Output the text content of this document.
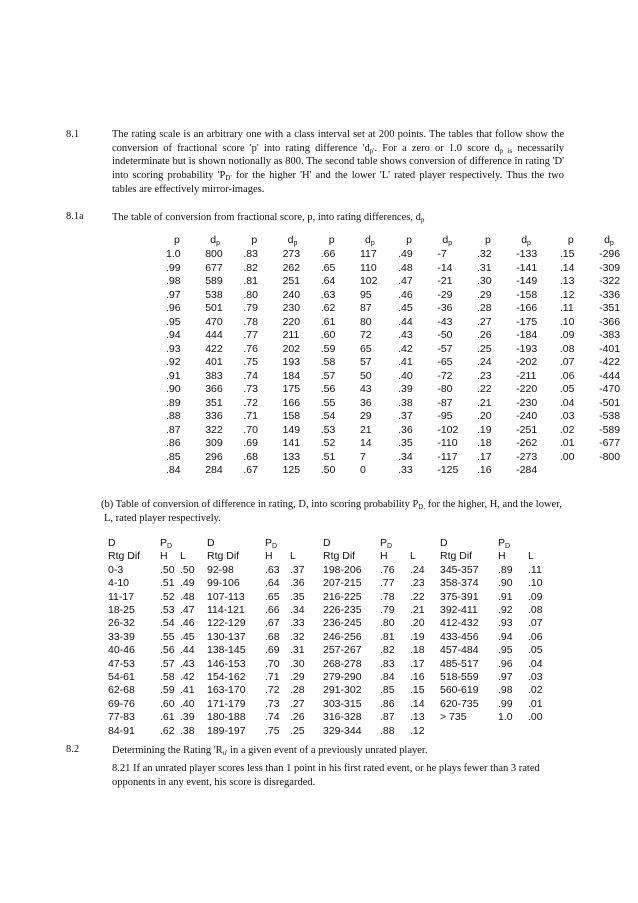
8.1	The rating scale is an arbitrary one with a class interval set at 200 points. The tables that follow show the conversion of fractional score 'p' into rating difference '$d_{p'}$. For a zero or 1.0 score $d_{p is}$ necessarily indeterminate but is shown notionally as 800. The second table shows conversion of difference in rating 'D' into scoring probability '$P_{D'}$ for the higher 'H' and the lower 'L' rated player respectively. Thus the two tables are effectively mirror-images.
8.1a	The table of conversion from fractional score, p, into rating differences, $d_p$
p	$d_p$	p	$d_p$	p	$d_p$	p	$d_p$	p	$d_p$	p	$d_p$
1.0	800	.83	273	.66	117	.49	-7	.32	-133	.15	-296
.99	677	.82	262	.65	110	.48	-14	.31	-141	.14	-309
.98	589	.81	251	.64	102	.47	-21	.30	-149	.13	-322
.97	538	.80	240	.63	95	.46	-29	.29	-158	.12	-336
.96	501	.79	230	.62	87	.45	-36	.28	-166	.11	-351
.95	470	.78	220	.61	80	.44	-43	.27	-175	.10	-366
.94	444	.77	211	.60	72	.43	-50	.26	-184	.09	-383
.93	422	.76	202	.59	65	.42	-57	.25	-193	.08	-401
.92	401	.75	193	.58	57	.41	-65	.24	-202	.07	-422
.91	383	.74	184	.57	50	.40	-72	.23	-211	.06	-444
.90	366	.73	175	.56	43	.39	-80	.22	-220	.05	-470
.89	351	.72	166	.55	36	.38	-87	.21	-230	.04	-501
.88	336	.71	158	.54	29	.37	-95	.20	-240	.03	-538
.87	322	.70	149	.53	21	.36	-102	.19	-251	.02	-589
.86	309	.69	141	.52	14	.35	-110	.18	-262	.01	-677
.85	296	.68	133	.51	7	.34	-117	.17	-273	.00	-800
.84	284	.67	125	.50	0	.33	-125	.16	-284		
(b) Table of conversion of difference in rating, D, into scoring probability $P_{D,}$ for the higher, H, and the lower, L, rated player respectively.
D	$P_D$		D	$P_D$		D	$P_D$		D	$P_D$	
Rtg Dif	H	L	Rtg Dif	H	L	Rtg Dif	H	L	Rtg Dif	H	L
0-3	.50	.50	92-98	.63	.37	198-206	.76	.24	345-357	.89	.11
4-10	.51	.49	99-106	.64	.36	207-215	.77	.23	358-374	.90	.10
11-17	.52	.48	107-113	.65	.35	216-225	.78	.22	375-391	.91	.09
18-25	.53	.47	114-121	.66	.34	226-235	.79	.21	392-411	.92	.08
26-32	.54	.46	122-129	.67	.33	236-245	.80	.20	412-432	.93	.07
33-39	.55	.45	130-137	.68	.32	246-256	.81	.19	433-456	.94	.06
40-46	.56	.44	138-145	.69	.31	257-267	.82	.18	457-484	.95	.05
47-53	.57	.43	146-153	.70	.30	268-278	.83	.17	485-517	.96	.04
54-61	.58	.42	154-162	.71	.29	279-290	.84	.16	518-559	.97	.03
62-68	.59	.41	163-170	.72	.28	291-302	.85	.15	560-619	.98	.02
69-76	.60	.40	171-179	.73	.27	303-315	.86	.14	620-735	.99	.01
77-83	.61	.39	180-188	.74	.26	316-328	.87	.13	> 735	1.0	.00
84-91	.62	.38	189-197	.75	.25	329-344	.88	.12			
8.2	Determining the Rating '$R_{u'}$ in a given event of a previously unrated player.
8.21 If an unrated player scores less than 1 point in his first rated event, or he plays fewer than 3 rated opponents in any event, his score is disregarded.
